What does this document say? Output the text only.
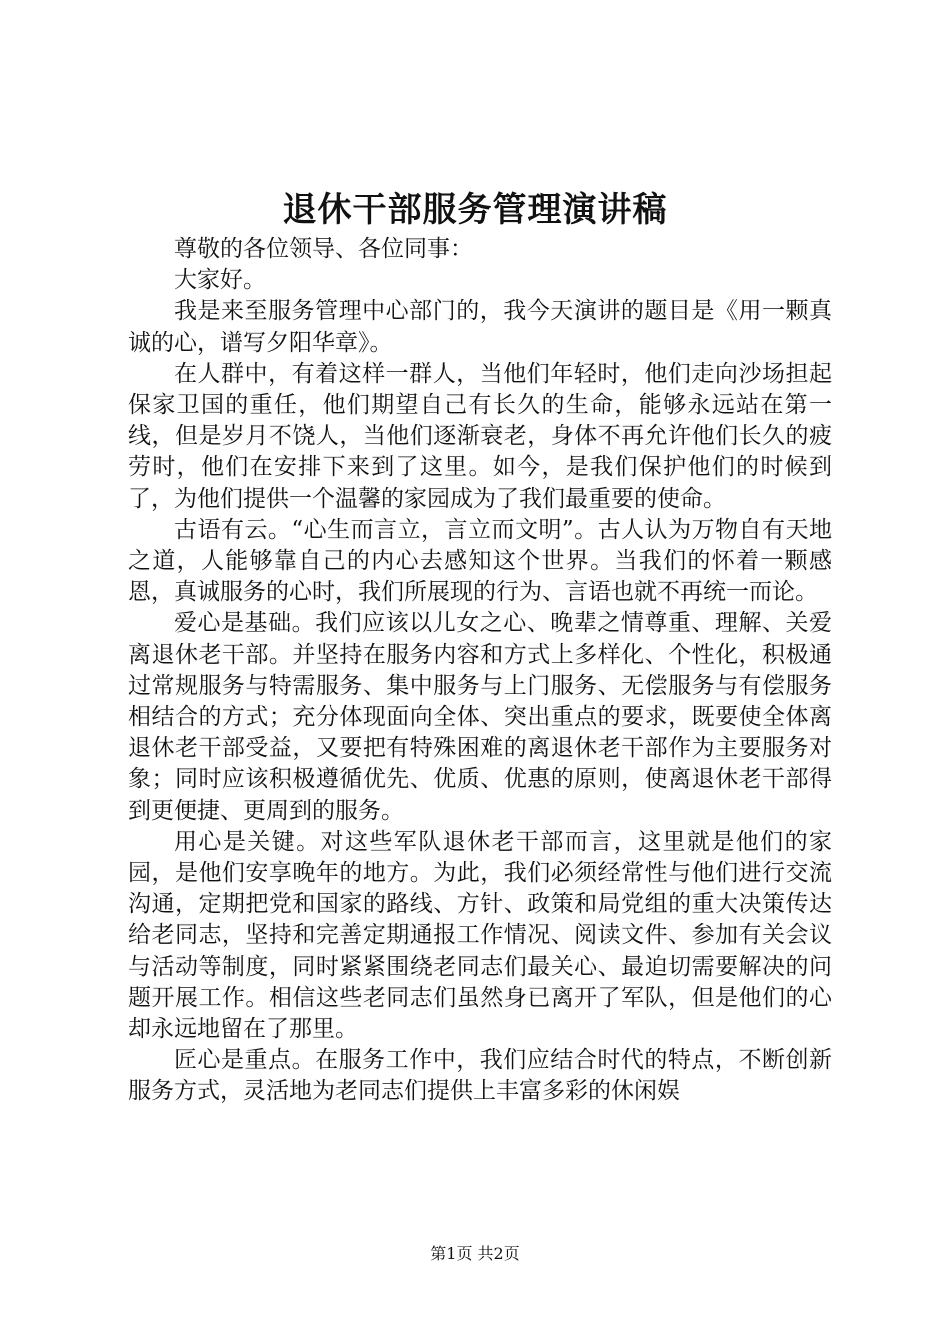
退休干部服务管理演讲稿

尊敬的各位领导、各位同事：

大家好。

我是来至服务管理中心部门的，我今天演讲的题目是《用一颗真诚的心，谱写夕阳华章》。

在人群中，有着这样一群人，当他们年轻时，他们走向沙场担起保家卫国的重任，他们期望自己有长久的生命，能够永远站在第一线，但是岁月不饶人，当他们逐渐衰老，身体不再允许他们长久的疲劳时，他们在安排下来到了这里。如今，是我们保护他们的时候到了，为他们提供一个温馨的家园成为了我们最重要的使命。

古语有云。“心生而言立，言立而文明”。古人认为万物自有天地之道，人能够靠自己的内心去感知这个世界。当我们的怀着一颗感恩，真诚服务的心时，我们所展现的行为、言语也就不再统一而论。

爱心是基础。我们应该以儿女之心、晚辈之情尊重、理解、关爱离退休老干部。并坚持在服务内容和方式上多样化、个性化，积极通过常规服务与特需服务、集中服务与上门服务、无偿服务与有偿服务相结合的方式；充分体现面向全体、突出重点的要求，既要使全体离退休老干部受益，又要把有特殊困难的离退休老干部作为主要服务对象；同时应该积极遵循优先、优质、优惠的原则，使离退休老干部得到更便捷、更周到的服务。

用心是关键。对这些军队退休老干部而言，这里就是他们的家园，是他们安享晚年的地方。为此，我们必须经常性与他们进行交流沟通，定期把党和国家的路线、方针、政策和局党组的重大决策传达给老同志，坚持和完善定期通报工作情况、阅读文件、参加有关会议与活动等制度，同时紧紧围绕老同志们最关心、最迫切需要解决的问题开展工作。相信这些老同志们虽然身已离开了军队，但是他们的心却永远地留在了那里。

匠心是重点。在服务工作中，我们应结合时代的特点，不断创新服务方式，灵活地为老同志们提供上丰富多彩的休闲娱

第1页 共2页
